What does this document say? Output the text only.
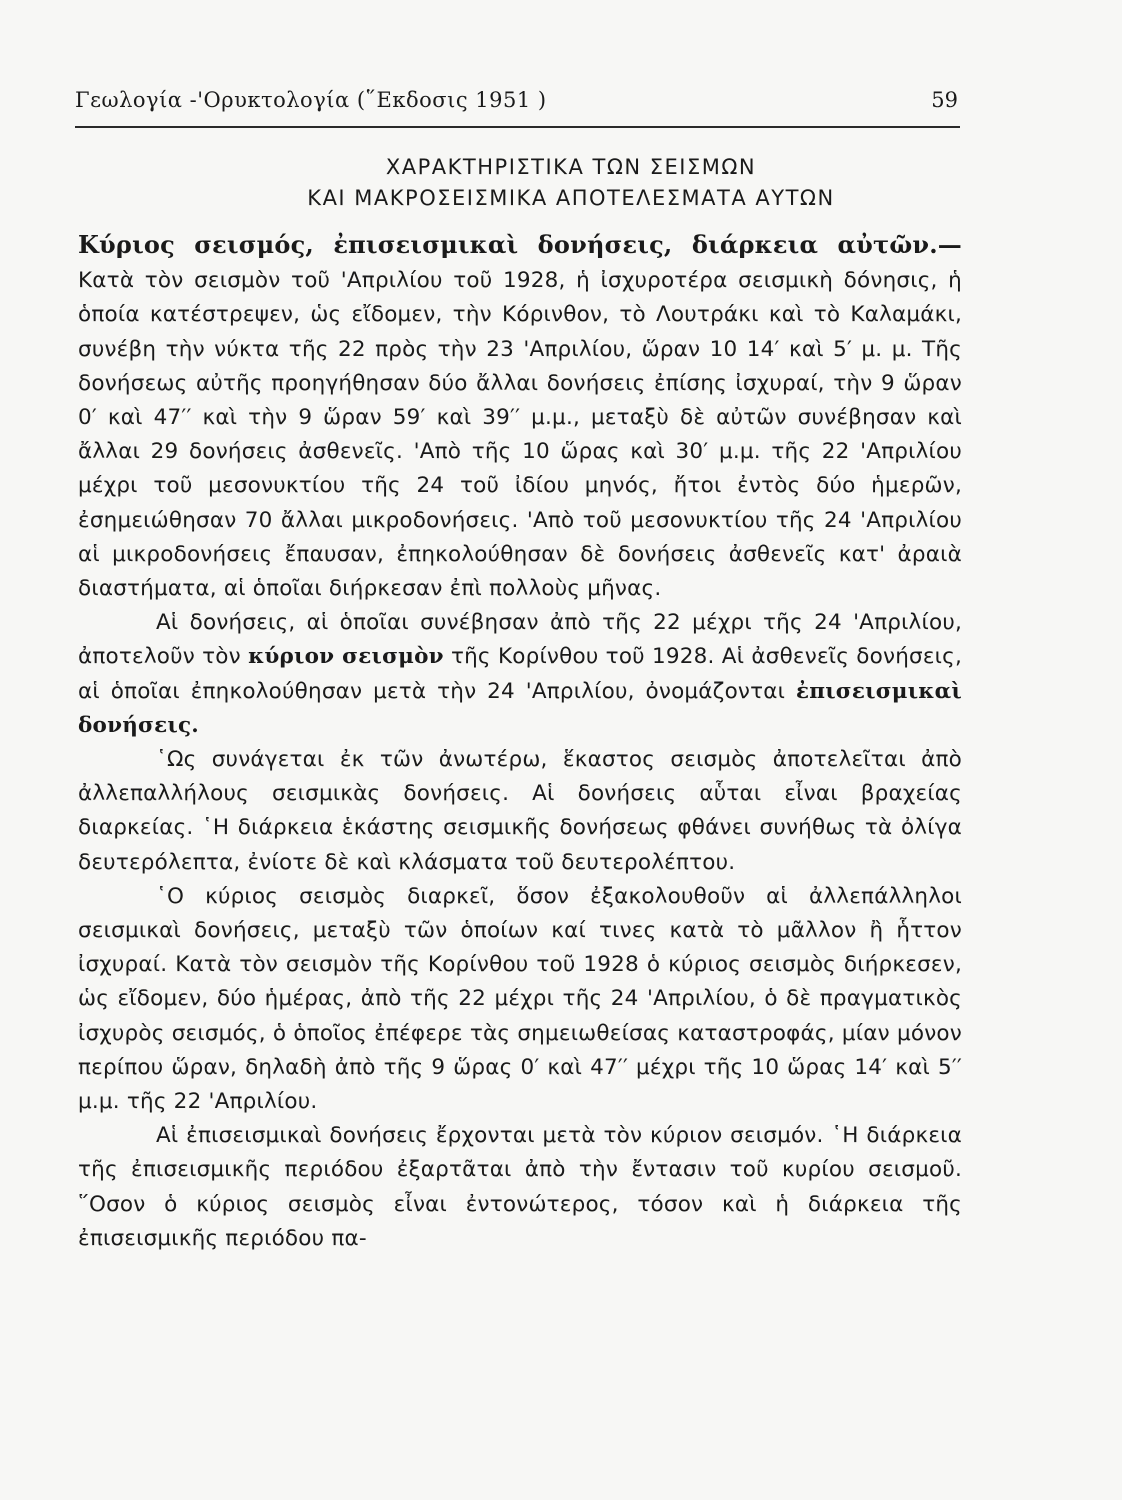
Γεωλογία -'Ορυκτολογία (῞Εκδοσις 1951 )	59
ΧΑΡΑΚΤΗΡΙΣΤΙΚΑ ΤΩΝ ΣΕΙΣΜΩΝ
ΚΑΙ ΜΑΚΡΟΣΕΙΣΜΙΚΑ ΑΠΟΤΕΛΕΣΜΑΤΑ ΑΥΤΩΝ

Κύριος σεισμός, ἐπισεισμικαὶ δονήσεις, διάρκεια αὐτῶν.— Κατὰ τὸν σεισμὸν τοῦ 'Απριλίου τοῦ 1928, ἡ ἰσχυροτέρα σεισμικὴ δόνησις, ἡ ὁποία κατέστρεψεν, ὡς εἴδομεν, τὴν Κόρινθον, τὸ Λουτράκι καὶ τὸ Καλαμάκι, συνέβη τὴν νύκτα τῆς 22 πρὸς τὴν 23 'Απριλίου, ὥραν 10 14′ καὶ 5′ μ. μ. Τῆς δονήσεως αὐτῆς προηγήθησαν δύο ἄλλαι δονήσεις ἐπίσης ἰσχυραί, τὴν 9 ὥραν 0′ καὶ 47′′ καὶ τὴν 9 ὥραν 59′ καὶ 39′′ μ.μ., μεταξὺ δὲ αὐτῶν συνέβησαν καὶ ἄλλαι 29 δονήσεις ἀσθενεῖς. 'Απὸ τῆς 10 ὥρας καὶ 30′ μ.μ. τῆς 22 'Απριλίου μέχρι τοῦ μεσονυκτίου τῆς 24 τοῦ ἰδίου μηνός, ἤτοι ἐντὸς δύο ἡμερῶν, ἐσημειώθησαν 70 ἄλλαι μικροδονήσεις. 'Απὸ τοῦ μεσονυκτίου τῆς 24 'Απριλίου αἱ μικροδονήσεις ἔπαυσαν, ἐπηκολούθησαν δὲ δονήσεις ἀσθενεῖς κατ' ἀραιὰ διαστήματα, αἱ ὁποῖαι διήρκεσαν ἐπὶ πολλοὺς μῆνας.

Αἱ δονήσεις, αἱ ὁποῖαι συνέβησαν ἀπὸ τῆς 22 μέχρι τῆς 24 'Απριλίου, ἀποτελοῦν τὸν κύριον σεισμὸν τῆς Κορίνθου τοῦ 1928. Αἱ ἀσθενεῖς δονήσεις, αἱ ὁποῖαι ἐπηκολούθησαν μετὰ τὴν 24 'Απριλίου, ὀνομάζονται ἐπισεισμικαὶ δονήσεις.

῾Ως συνάγεται ἐκ τῶν ἀνωτέρω, ἕκαστος σεισμὸς ἀποτελεῖται ἀπὸ ἀλλεπαλλήλους σεισμικὰς δονήσεις. Αἱ δονήσεις αὗται εἶναι βραχείας διαρκείας. ῾Η διάρκεια ἑκάστης σεισμικῆς δονήσεως φθάνει συνήθως τὰ ὀλίγα δευτερόλεπτα, ἐνίοτε δὲ καὶ κλάσματα τοῦ δευτερολέπτου.

῾Ο κύριος σεισμὸς διαρκεῖ, ὅσον ἐξακολουθοῦν αἱ ἀλλεπάλληλοι σεισμικαὶ δονήσεις, μεταξὺ τῶν ὁποίων καί τινες κατὰ τὸ μᾶλλον ἢ ἧττον ἰσχυραί. Κατὰ τὸν σεισμὸν τῆς Κορίνθου τοῦ 1928 ὁ κύριος σεισμὸς διήρκεσεν, ὡς εἴδομεν, δύο ἡμέρας, ἀπὸ τῆς 22 μέχρι τῆς 24 'Απριλίου, ὁ δὲ πραγματικὸς ἰσχυρὸς σεισμός, ὁ ὁποῖος ἐπέφερε τὰς σημειωθείσας καταστροφάς, μίαν μόνον περίπου ὥραν, δηλαδὴ ἀπὸ τῆς 9 ὥρας 0′ καὶ 47′′ μέχρι τῆς 10 ὥρας 14′ καὶ 5′′ μ.μ. τῆς 22 'Απριλίου.

Αἱ ἐπισεισμικαὶ δονήσεις ἔρχονται μετὰ τὸν κύριον σεισμόν. ῾Η διάρκεια τῆς ἐπισεισμικῆς περιόδου ἐξαρτᾶται ἀπὸ τὴν ἔντασιν τοῦ κυρίου σεισμοῦ. ῞Οσον ὁ κύριος σεισμὸς εἶναι ἐντονώτερος, τόσον καὶ ἡ διάρκεια τῆς ἐπισεισμικῆς περιόδου πα-
